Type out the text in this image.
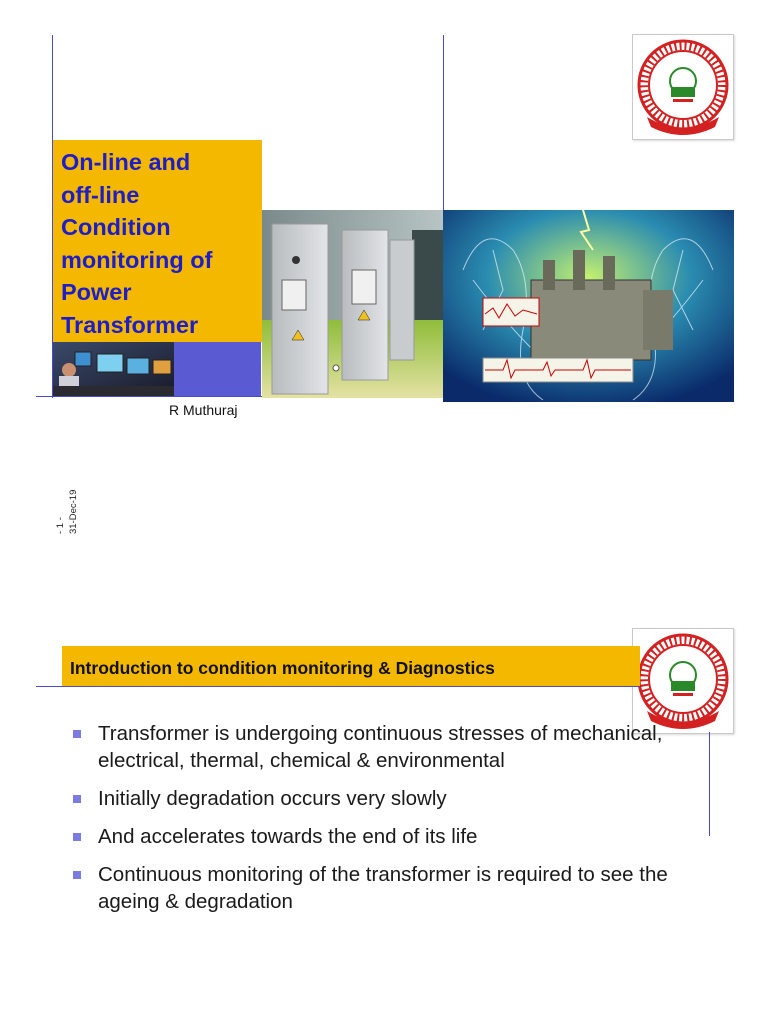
On-line and
off-line
Condition
monitoring of
Power
Transformer
R Muthuraj
- 1 - 31-Dec-19
Introduction to condition monitoring & Diagnostics
Transformer is undergoing continuous stresses of mechanical, electrical, thermal, chemical & environmental
Initially degradation occurs very slowly
And accelerates towards the end of its life
Continuous monitoring of the transformer is required to see the ageing & degradation
